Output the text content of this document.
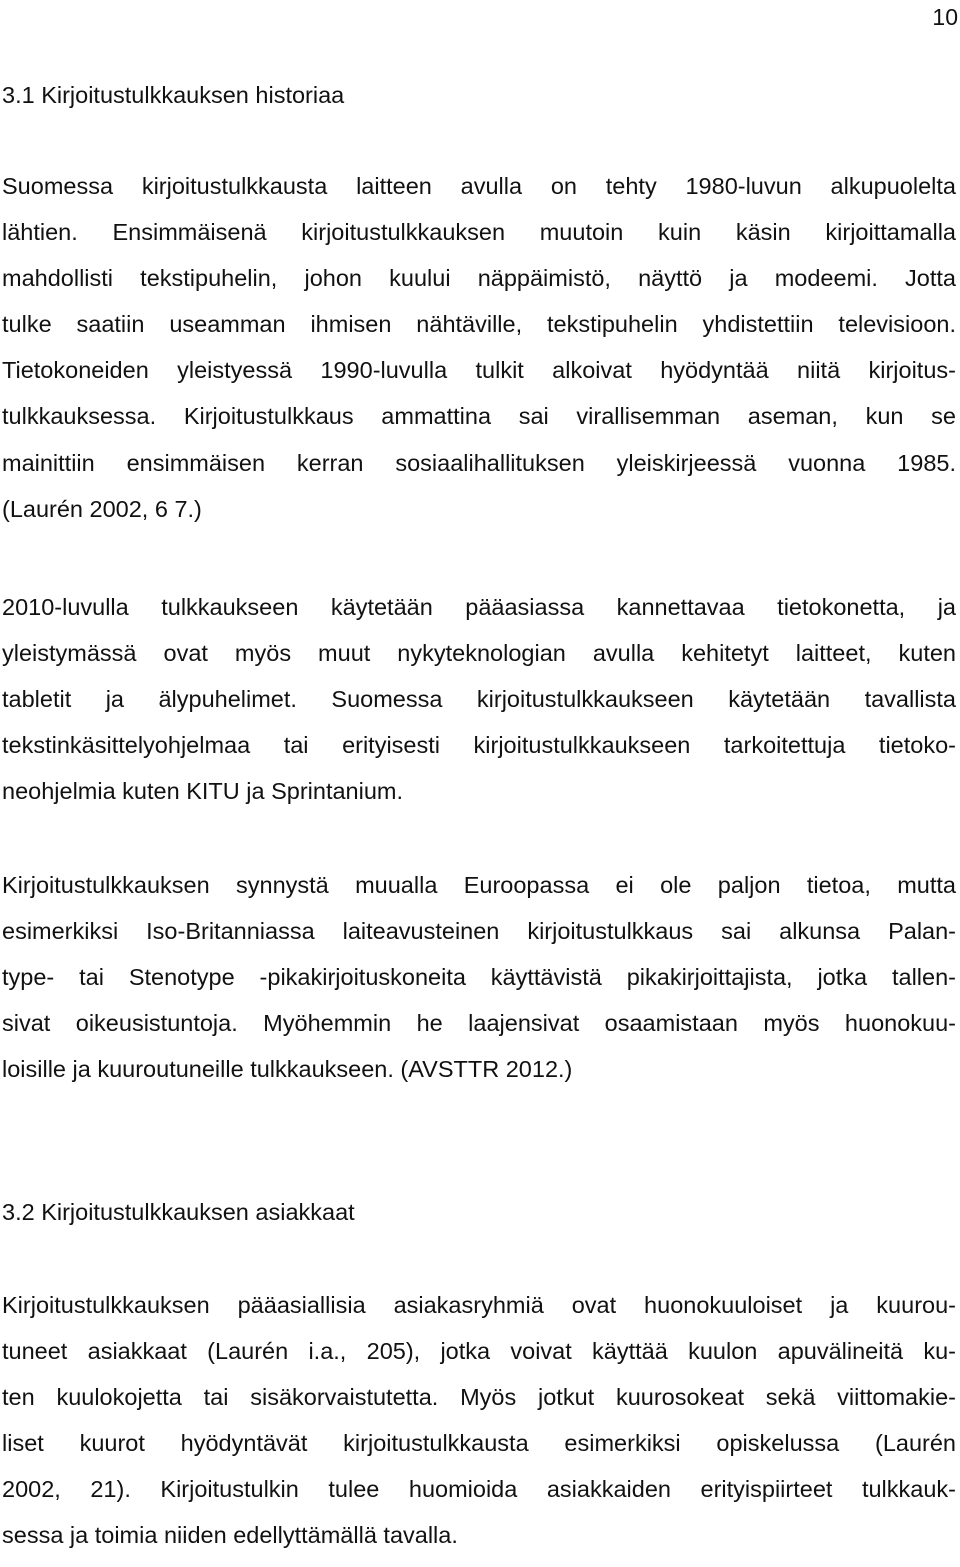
10
3.1 Kirjoitustulkkauksen historiaa
Suomessa kirjoitustulkkausta laitteen avulla on tehty 1980-luvun alkupuolelta
lähtien. Ensimmäisenä kirjoitustulkkauksen muutoin kuin käsin kirjoittamalla
mahdollisti tekstipuhelin, johon kuului näppäimistö, näyttö ja modeemi. Jotta
tulke saatiin useamman ihmisen nähtäville, tekstipuhelin yhdistettiin televisioon.
Tietokoneiden yleistyessä 1990-luvulla tulkit alkoivat hyödyntää niitä kirjoitus-
tulkkauksessa. Kirjoitustulkkaus ammattina sai virallisemman aseman, kun se
mainittiin ensimmäisen kerran sosiaalihallituksen yleiskirjeessä vuonna 1985.
(Laurén 2002, 6 7.)
2010-luvulla tulkkaukseen käytetään pääasiassa kannettavaa tietokonetta, ja
yleistymässä ovat myös muut nykyteknologian avulla kehitetyt laitteet, kuten
tabletit ja älypuhelimet. Suomessa kirjoitustulkkaukseen käytetään tavallista
tekstinkäsittelyohjelmaa tai erityisesti kirjoitustulkkaukseen tarkoitettuja tietoko-
neohjelmia kuten KITU ja Sprintanium.
Kirjoitustulkkauksen synnystä muualla Euroopassa ei ole paljon tietoa, mutta
esimerkiksi Iso-Britanniassa laiteavusteinen kirjoitustulkkaus sai alkunsa Palan-
type- tai Stenotype -pikakirjoituskoneita käyttävistä pikakirjoittajista, jotka tallen-
sivat oikeusistuntoja. Myöhemmin he laajensivat osaamistaan myös huonokuu-
loisille ja kuuroutuneille tulkkaukseen. (AVSTTR 2012.)
3.2 Kirjoitustulkkauksen asiakkaat
Kirjoitustulkkauksen pääasiallisia asiakasryhmiä ovat huonokuuloiset ja kuurou-
tuneet asiakkaat (Laurén i.a., 205), jotka voivat käyttää kuulon apuvälineitä ku-
ten kuulokojetta tai sisäkorvaistutetta. Myös jotkut kuurosokeat sekä viittomakie-
liset kuurot hyödyntävät kirjoitustulkkausta esimerkiksi opiskelussa (Laurén
2002, 21). Kirjoitustulkin tulee huomioida asiakkaiden erityispiirteet tulkkauk-
sessa ja toimia niiden edellyttämällä tavalla.
